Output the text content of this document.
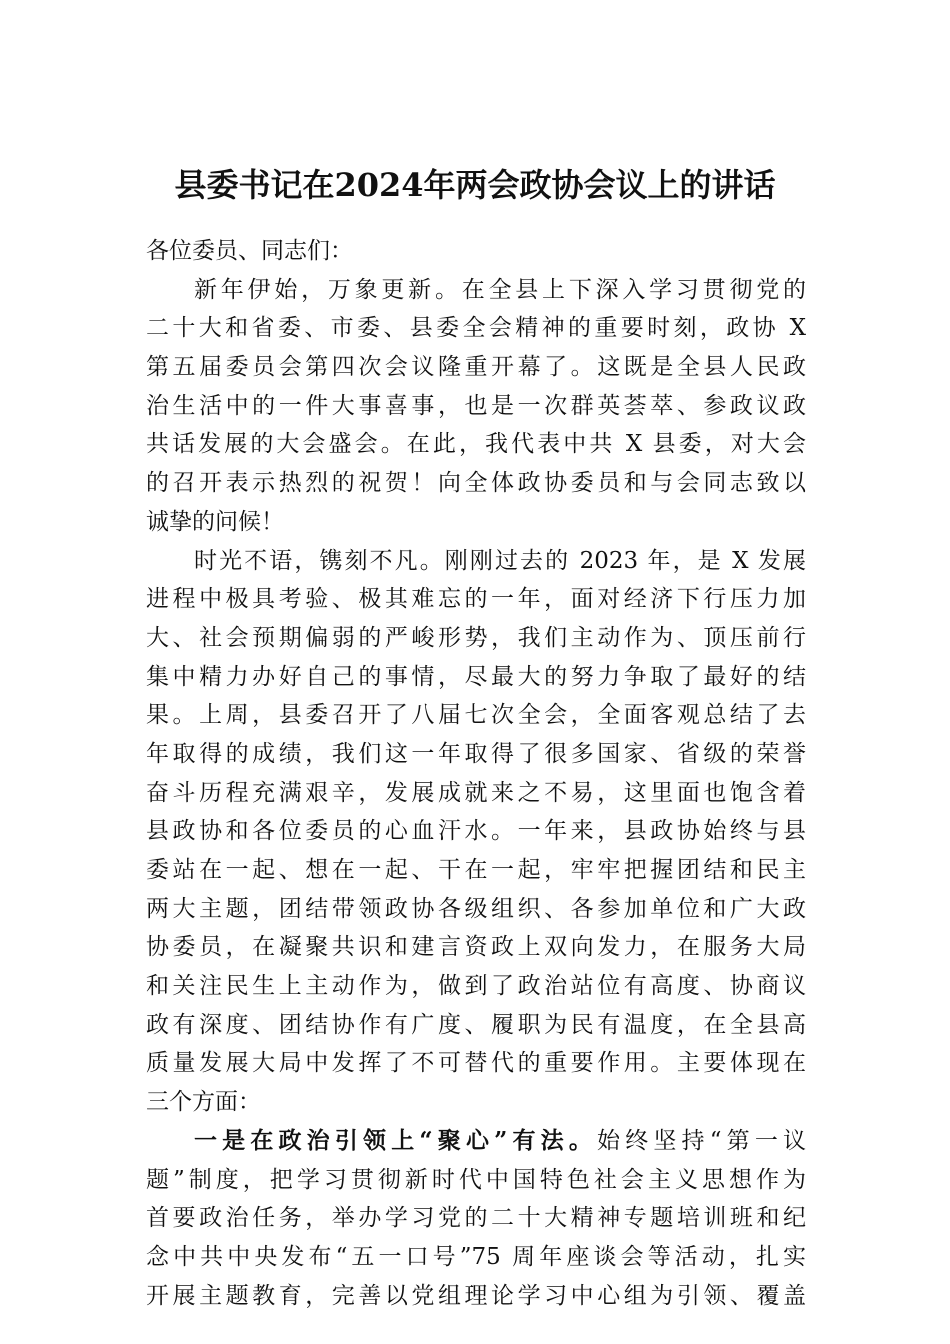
县委书记在2024年两会政协会议上的讲话
各位委员、同志们：
新年伊始，万象更新。在全县上下深入学习贯彻党的
二十大和省委、市委、县委全会精神的重要时刻，政协 X
第五届委员会第四次会议隆重开幕了。这既是全县人民政
治生活中的一件大事喜事，也是一次群英荟萃、参政议政
共话发展的大会盛会。在此，我代表中共 X 县委，对大会
的召开表示热烈的祝贺！向全体政协委员和与会同志致以
诚挚的问候！
时光不语，镌刻不凡。刚刚过去的 2023 年，是 X 发展
进程中极具考验、极其难忘的一年，面对经济下行压力加
大、社会预期偏弱的严峻形势，我们主动作为、顶压前行
集中精力办好自己的事情，尽最大的努力争取了最好的结
果。上周，县委召开了八届七次全会，全面客观总结了去
年取得的成绩，我们这一年取得了很多国家、省级的荣誉
奋斗历程充满艰辛，发展成就来之不易，这里面也饱含着
县政协和各位委员的心血汗水。一年来，县政协始终与县
委站在一起、想在一起、干在一起，牢牢把握团结和民主
两大主题，团结带领政协各级组织、各参加单位和广大政
协委员，在凝聚共识和建言资政上双向发力，在服务大局
和关注民生上主动作为，做到了政治站位有高度、协商议
政有深度、团结协作有广度、履职为民有温度，在全县高
质量发展大局中发挥了不可替代的重要作用。主要体现在
三个方面：
一是在政治引领上“聚心”有法。始终坚持“第一议
题”制度，把学习贯彻新时代中国特色社会主义思想作为
首要政治任务，举办学习党的二十大精神专题培训班和纪
念中共中央发布“五一口号”75 周年座谈会等活动，扎实
开展主题教育，完善以党组理论学习中心组为引领、覆盖
